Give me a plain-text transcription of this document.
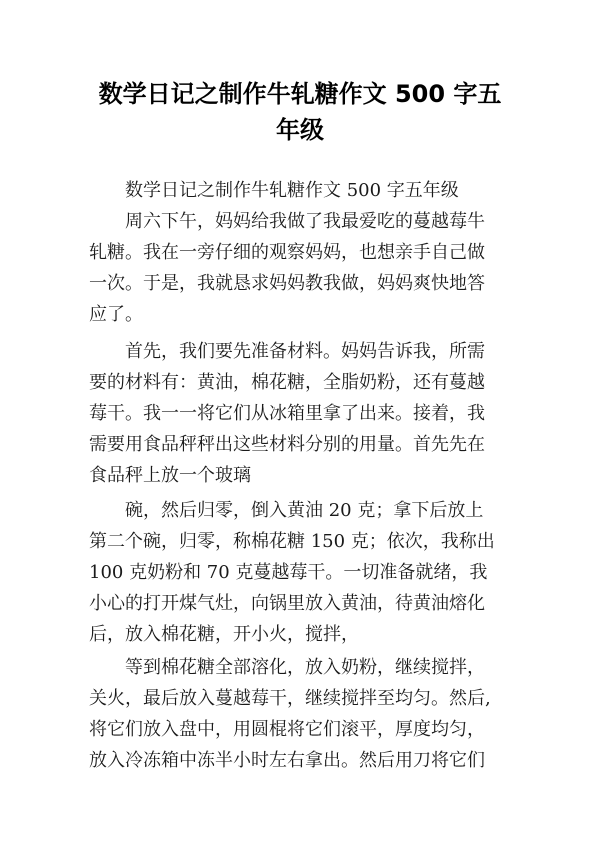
数学日记之制作牛轧糖作文 500 字五
年级
数学日记之制作牛轧糖作文 500 字五年级
周六下午，妈妈给我做了我最爱吃的蔓越莓牛
轧糖。我在一旁仔细的观察妈妈，也想亲手自己做
一次。于是，我就恳求妈妈教我做，妈妈爽快地答
应了。
首先，我们要先准备材料。妈妈告诉我，所需
要的材料有：黄油，棉花糖，全脂奶粉，还有蔓越
莓干。我一一将它们从冰箱里拿了出来。接着，我
需要用食品秤秤出这些材料分别的用量。首先先在
食品秤上放一个玻璃
碗，然后归零，倒入黄油 20 克；拿下后放上
第二个碗，归零，称棉花糖 150 克；依次，我称出
100 克奶粉和 70 克蔓越莓干。一切准备就绪，我
小心的打开煤气灶，向锅里放入黄油，待黄油熔化
后，放入棉花糖，开小火，搅拌，
等到棉花糖全部溶化，放入奶粉，继续搅拌，
关火，最后放入蔓越莓干，继续搅拌至均匀。然后,
将它们放入盘中，用圆棍将它们滚平，厚度均匀，
放入冷冻箱中冻半小时左右拿出。然后用刀将它们
